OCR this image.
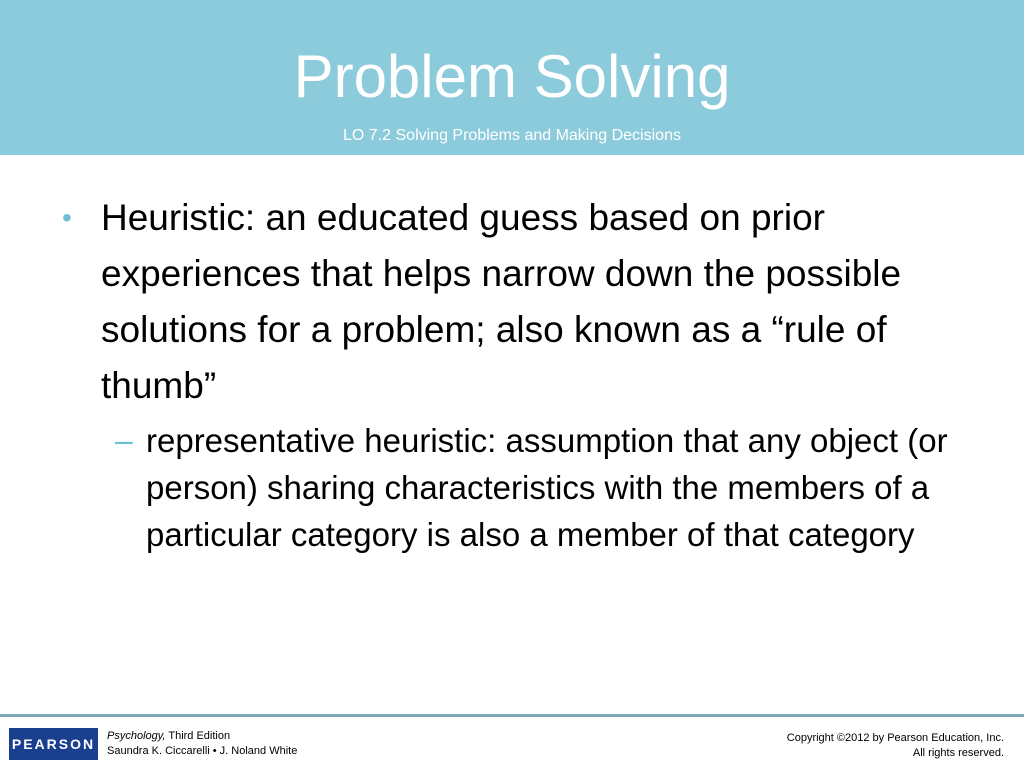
Problem Solving
LO 7.2 Solving Problems and Making Decisions
• Heuristic: an educated guess based on prior experiences that helps narrow down the possible solutions for a problem; also known as a “rule of thumb”
– representative heuristic: assumption that any object (or person) sharing characteristics with the members of a particular category is also a member of that category
PEARSON Psychology, Third Edition
Saundra K. Ciccarelli • J. Noland White
Copyright ©2012 by Pearson Education, Inc.
All rights reserved.
